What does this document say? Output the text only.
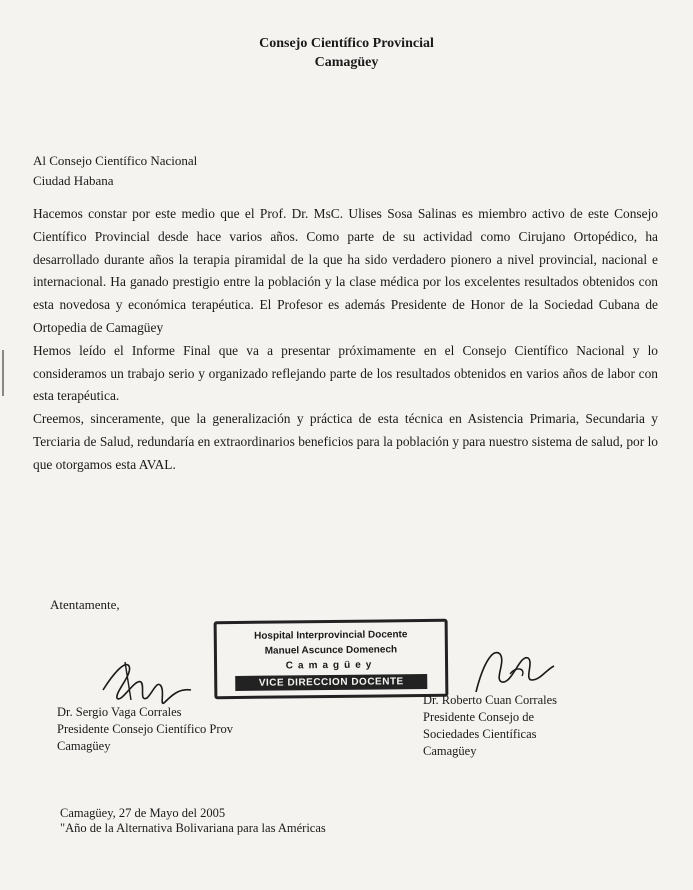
Consejo Científico Provincial
Camagüey
Al Consejo Científico Nacional
Ciudad Habana

Hacemos constar por este medio que el Prof. Dr. MsC. Ulises Sosa Salinas es miembro activo de este Consejo Científico Provincial desde hace varios años. Como parte de su actividad como Cirujano Ortopédico, ha desarrollado durante años la terapia piramidal de la que ha sido verdadero pionero a nivel provincial, nacional e internacional. Ha ganado prestigio entre la población y la clase médica por los excelentes resultados obtenidos con esta novedosa y económica terapéutica. El Profesor es además Presidente de Honor de la Sociedad Cubana de Ortopedia de Camagüey

Hemos leído el Informe Final que va a presentar próximamente en el Consejo Científico Nacional y lo consideramos un trabajo serio y organizado reflejando parte de los resultados obtenidos en varios años de labor con esta terapéutica.

Creemos, sinceramente, que la generalización y práctica de esta técnica en Asistencia Primaria, Secundaria y Terciaria de Salud, redundaría en extraordinarios beneficios para la población y para nuestro sistema de salud, por lo que otorgamos esta AVAL.

Atentamente,
Hospital Interprovincial Docente
Manuel Ascunce Domenech
Camagüey
VICE DIRECCION DOCENTE
Dr. Sergio Vaga Corrales
Presidente Consejo Científico Prov
Camagüey
Dr. Roberto Cuan Corrales
Presidente Consejo de
Sociedades Científicas
Camagüey
Camagüey, 27 de Mayo del 2005
"Año de la Alternativa Bolivariana para las Américas
